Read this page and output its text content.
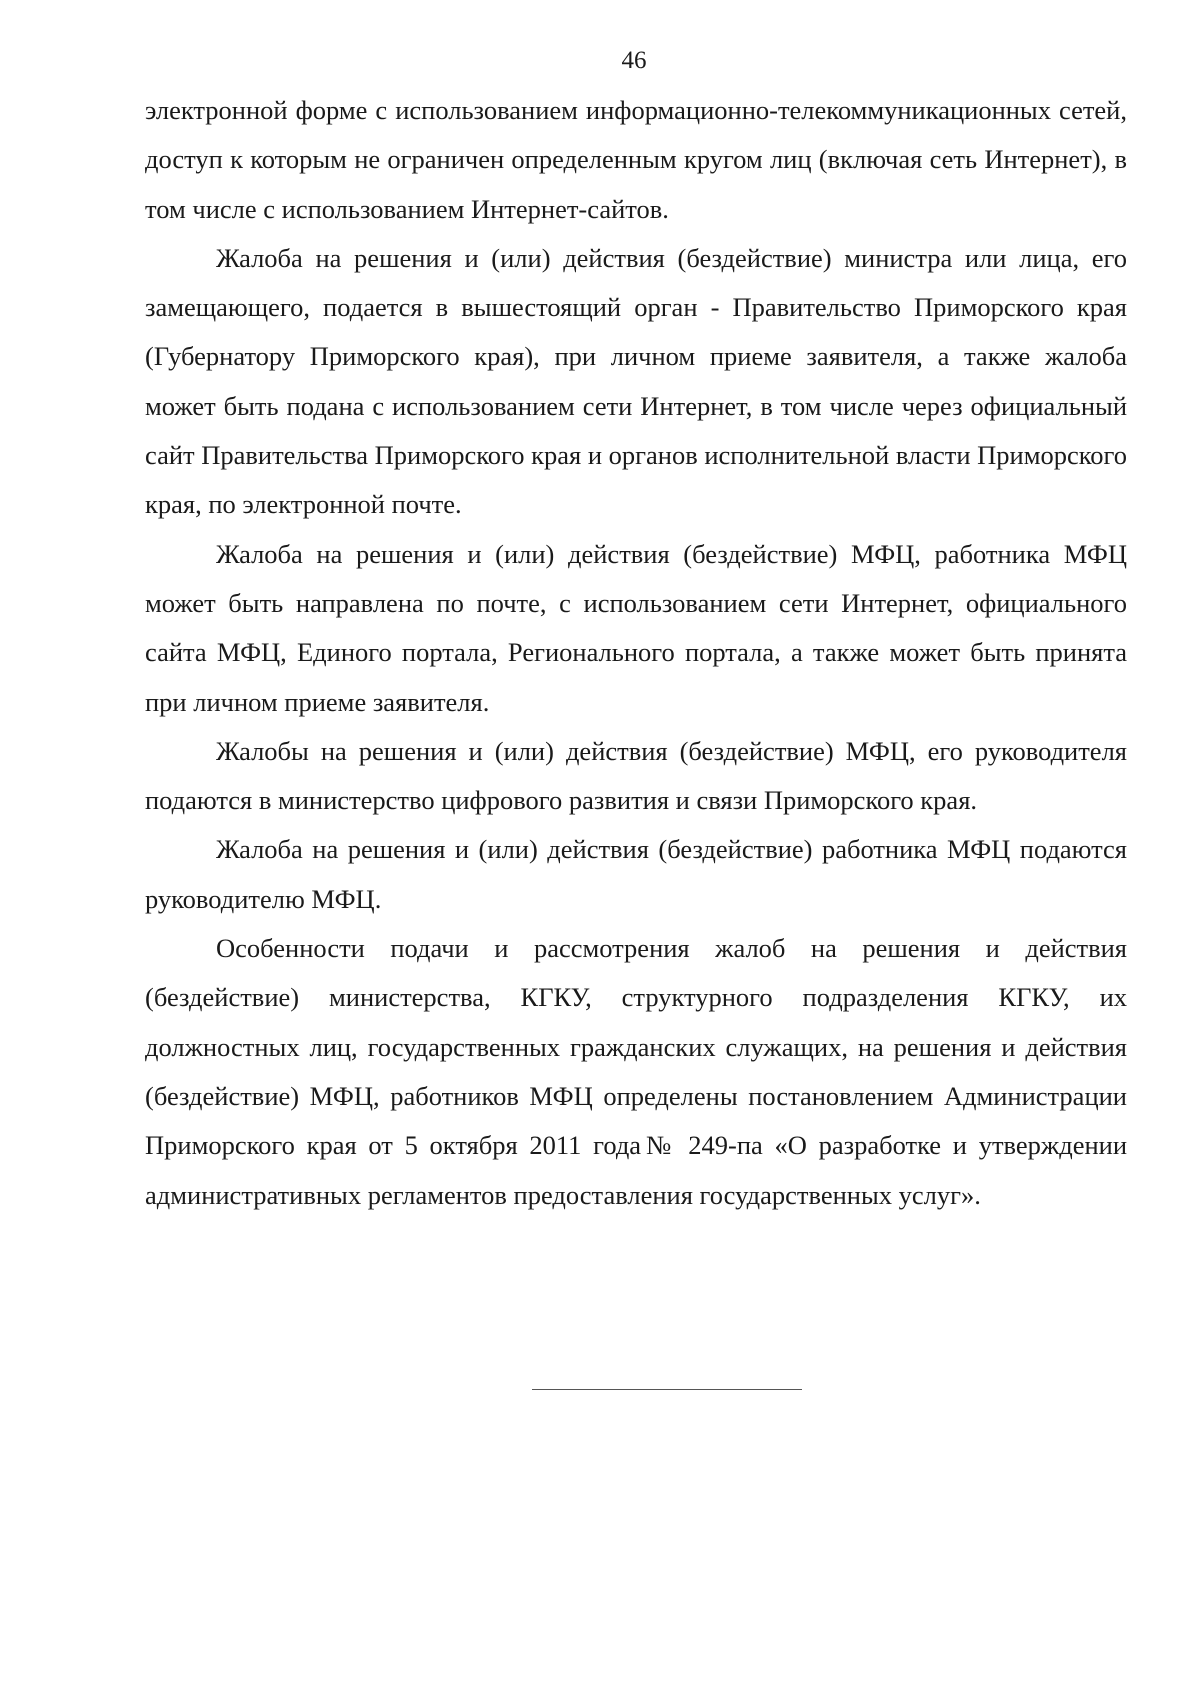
46

электронной форме с использованием информационно-телекоммуникационных сетей, доступ к которым не ограничен определенным кругом лиц (включая сеть Интернет), в том числе с использованием Интернет-сайтов.

Жалоба на решения и (или) действия (бездействие) министра или лица, его замещающего, подается в вышестоящий орган - Правительство Приморского края (Губернатору Приморского края), при личном приеме заявителя, а также жалоба может быть подана с использованием сети Интернет, в том числе через официальный сайт Правительства Приморского края и органов исполнительной власти Приморского края, по электронной почте.

Жалоба на решения и (или) действия (бездействие) МФЦ, работника МФЦ может быть направлена по почте, с использованием сети Интернет, официального сайта МФЦ, Единого портала, Регионального портала, а также может быть принята при личном приеме заявителя.

Жалобы на решения и (или) действия (бездействие) МФЦ, его руководителя подаются в министерство цифрового развития и связи Приморского края.

Жалоба на решения и (или) действия (бездействие) работника МФЦ подаются руководителю МФЦ.

Особенности подачи и рассмотрения жалоб на решения и действия (бездействие) министерства, КГКУ, структурного подразделения КГКУ, их должностных лиц, государственных гражданских служащих, на решения и действия (бездействие) МФЦ, работников МФЦ определены постановлением Администрации Приморского края от 5 октября 2011 года№ 249-па «О разработке и утверждении административных регламентов предоставления государственных услуг».
